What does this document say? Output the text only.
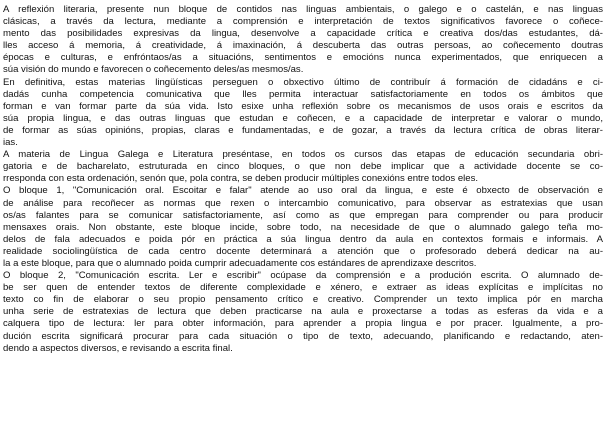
A reflexión literaria, presente nun bloque de contidos nas linguas ambientais, o galego e o castelán, e nas linguas
clásicas, a través da lectura, mediante a comprensión e interpretación de textos significativos favorece o coñece-
mento das posibilidades expresivas da lingua, desenvolve a capacidade crítica e creativa dos/das estudantes, dá-
lles acceso á memoria, á creatividade, á imaxinación, á descuberta das outras persoas, ao coñecemento doutras
épocas e culturas, e enfróntaos/as a situacións, sentimentos e emocións nunca experimentados, que enriquecen a
súa visión do mundo e favorecen o coñecemento deles/as mesmos/as.
En definitiva, estas materias lingüísticas perseguen o obxectivo último de contribuír á formación de cidadáns e ci-
dadás cunha competencia comunicativa que lles permita interactuar satisfactoriamente en todos os ámbitos que
forman e van formar parte da súa vida. Isto esixe unha reflexión sobre os mecanismos de usos orais e escritos da
súa propia lingua, e das outras linguas que estudan e coñecen, e a capacidade de interpretar e valorar o mundo,
de formar as súas opinións, propias, claras e fundamentadas, e de gozar, a través da lectura crítica de obras literar-
ias.
A materia de Lingua Galega e Literatura preséntase, en todos os cursos das etapas de educación secundaria obri-
gatoria e de bacharelato, estruturada en cinco bloques, o que non debe implicar que a actividade docente se co-
rresponda con esta ordenación, senón que, pola contra, se deben producir múltiples conexións entre todos eles.
O bloque 1, "Comunicación oral. Escoitar e falar" atende ao uso oral da lingua, e este é obxecto de observación e
de análise para recoñecer as normas que rexen o intercambio comunicativo, para observar as estratexias que usan
os/as falantes para se comunicar satisfactoriamente, así como as que empregan para comprender ou para producir
mensaxes orais. Non obstante, este bloque incide, sobre todo, na necesidade de que o alumnado galego teña mo-
delos de fala adecuados e poida pór en práctica a súa lingua dentro da aula en contextos formais e informais. A
realidade sociolingüística de cada centro docente determinará a atención que o profesorado deberá dedicar na au-
la a este bloque, para que o alumnado poida cumprir adecuadamente cos estándares de aprendizaxe descritos.
O bloque 2, "Comunicación escrita. Ler e escribir" ocúpase da comprensión e a produción escrita. O alumnado de-
be ser quen de entender textos de diferente complexidade e xénero, e extraer as ideas explícitas e implícitas no
texto co fin de elaborar o seu propio pensamento crítico e creativo. Comprender un texto implica pór en marcha
unha serie de estratexias de lectura que deben practicarse na aula e proxectarse a todas as esferas da vida e a
calquera tipo de lectura: ler para obter información, para aprender a propia lingua e por pracer. Igualmente, a pro-
dución escrita significará procurar para cada situación o tipo de texto, adecuando, planificando e redactando, aten-
dendo a aspectos diversos, e revisando a escrita final.
